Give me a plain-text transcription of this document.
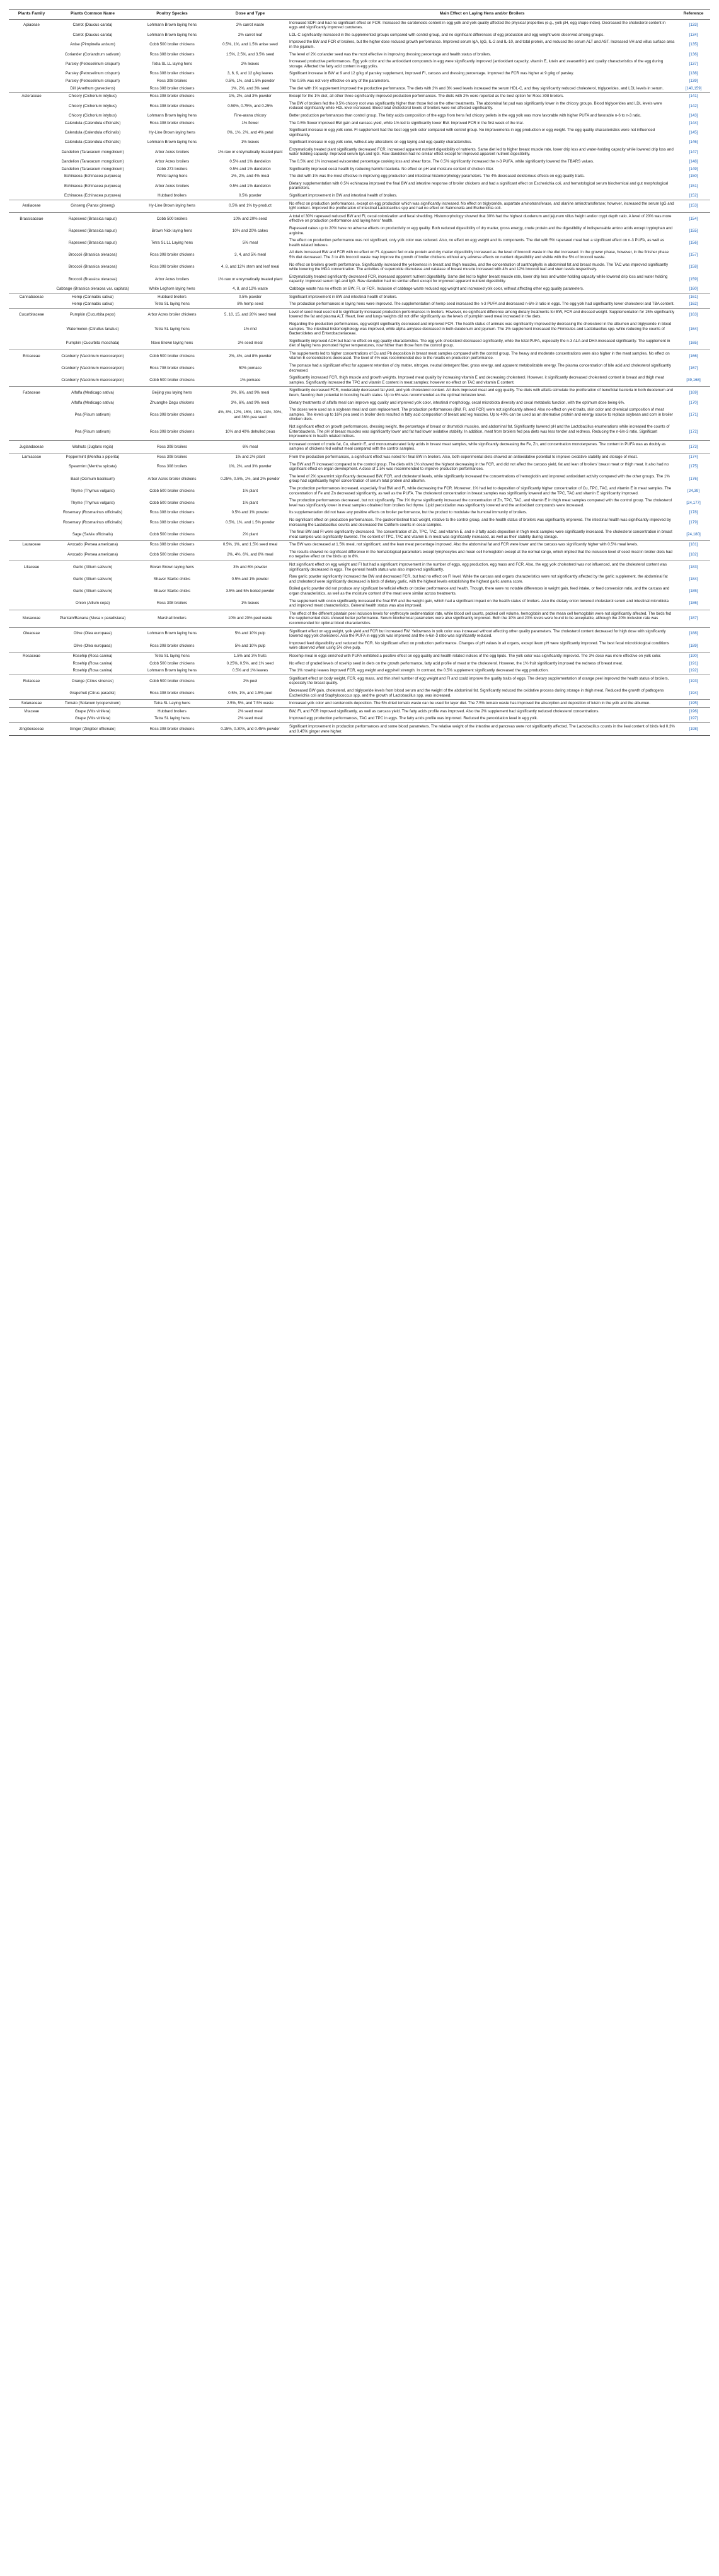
Plants Family	Plants Common Name	Poultry Species	Dose and Type	Main Effect on Laying Hens and/or Broilers	Reference
Apiaceae	Carrot (Daucus carota)	Lohmann Brown laying hens	2% carrot waste	Increased SDFI and had no significant effect on FCR. Increased the carotenoids content in egg yolk and yolk quality affected the physical properties (e.g., yolk pH, egg shape index). Decreased the cholesterol content in eggs and significantly improved carotenes.	[133]
	Carrot (Daucus carota)	Lohmann Brown laying hens	2% carrot leaf	LDL-C significantly increased in the supplemented groups compared with control group, and no significant differences of egg production and egg weight were observed among groups.	[134]
	Anise (Pimpinella anisum)	Cobb 500 broiler chickens	0.5%, 1%, and 1.5% anise seed	Improved the BW and FCR of broilers, but the higher dose reduced growth performance. Improved serum IgA, IgG, IL-2 and IL-10, and total protein, and reduced the serum ALT and AST. Increased VH and villus surface area in the jejunum.	[135]
	Coriander (Coriandrum sativum)	Ross 308 broiler chickens	1.5%, 2.5%, and 3.5% seed	The level of 2% coriander seed was the most effective in improving dressing percentage and health status of broilers.	[136]
	Parsley (Petroselinum crispum)	Tetra SL LL laying hens	2% leaves	Increased productive performances. Egg yolk color and the antioxidant compounds in egg were significantly improved (antioxidant capacity, vitamin E, lutein and zeaxanthin) and quality characteristics of the egg during storage. Affected the fatty acid content in egg yolks.	[137]
	Parsley (Petroselinum crispum)	Ross 308 broiler chickens	3, 6, 9, and 12 g/kg leaves	Significant increase in BW at 9 and 12 g/kg of parsley supplement, improved FI, carcass and dressing percentage. Improved the FCR was higher at 9 g/kg of parsley.	[138]
	Parsley (Petroselinum crispum)	Ross 308 broilers	0.5%, 1%, and 1.5% powder	The 0.5% was not very effective on any of the parameters.	[139]
	Dill (Anethum graveolens)	Ross 308 broiler chickens	1%, 2%, and 3% seed	The diet with 1% supplement improved the productive performance. The diets with 2% and 3% seed levels increased the serum HDL-C, and they significantly reduced cholesterol, triglycerides, and LDL levels in serum.	[140,159]
Asteraceae	Chicory (Cichorium intybus)	Ross 308 broiler chickens	1%, 2%, and 3% powder	Except for the 1% diet, all other three significantly improved production performances. The diets with 2% were reported as the best option for Ross 308 broilers.	[141]
	Chicory (Cichorium intybus)	Ross 308 broiler chickens	0.50%, 0.75%, and 0.25%	The BW of broilers fed the 0.5% chicory root was significantly higher than those fed on the other treatments. The abdominal fat pad was significantly lower in the chicory groups. Blood triglycerides and LDL levels were reduced significantly while HDL level increased. Blood total cholesterol levels of broilers were not affected significantly.	[142]
	Chicory (Cichorium intybus)	Lohmann Brown laying hens	Fine-arana chicory	Better production performances than control group. The fatty acids composition of the eggs from hens fed chicory pellets in the egg yolk was more favorable with higher PUFA and favorable n-6 to n-3 ratio.	[143]
	Calendula (Calendula officinalis)	Ross 308 broiler chickens	1% flower	The 0.5% flower improved BW gain and carcass yield, while 1% led to significantly lower BW. Improved FCR in the first week of the trial.	[144]
	Calendula (Calendula officinalis)	Hy-Line Brown laying hens	0%, 1%, 2%, and 4% petal	Significant increase in egg yolk color. FI supplement had the best egg yolk color compared with control group. No improvements in egg production or egg weight. The egg quality characteristics were not influenced significantly.	[145]
	Calendula (Calendula officinalis)	Lohmann Brown laying hens	1% leaves	Significant increase in egg yolk color, without any alterations on egg laying and egg quality characteristics.	[146]
	Dandelion (Taraxacum mongolicum)	Arbor Acres broilers	1% raw or enzymatically treated plant	Enzymatically treated plant significantly decreased FCR, increased apparent nutrient digestibility of nutrients. Same diet led to higher breast muscle rate, lower drip loss and water-holding capacity while lowered drip loss and water holding capacity. Improved serum IgA and IgG. Raw dandelion had no similar effect except for improved apparent nutrient digestibility.	[147]
	Dandelion (Taraxacum mongolicum)	Arbor Acres broilers	0.5% and 1% dandelion	The 0.5% and 1% increased eviscerated percentage cooking loss and shear force. The 0.5% significantly increased the n-3 PUFA, while significantly lowered the TBARS values.	[148]
	Dandelion (Taraxacum mongolicum)	Cobb 273 broilers	0.5% and 1% dandelion	Significantly improved cecal health by reducing harmful bacteria. No effect on pH and moisture content of chicken litter.	[149]
	Echinacea (Echinacea purpurea)	White laying hens	1%, 2%, and 4% meal	The diet with 1% was the most effective in improving egg production and intestinal histomorphology parameters. The 4% decreased deleterious effects on egg quality traits.	[150]
	Echinacea (Echinacea purpurea)	Arbor Acres broilers	0.5% and 1% dandelion	Dietary supplementation with 0.5% echinacea improved the final BW and intestine response of broiler chickens and had a significant effect on Escherichia coli, and hematological serum biochemical and gut morphological parameters.	[151]
	Echinacea (Echinacea purpurea)	Hubbard broilers	0.5% powder	Significant improvement in BW and intestinal health of broilers.	[152]
Araliaceae	Ginseng (Panax ginseng)	Hy-Line Brown laying hens	0.5% and 1% by-product	No effect on production performances, except on egg production which was significantly increased. No effect on triglyceride, aspartate aminotransferase, and alanine aminotransferase; however, increased the serum IgG and IgM content. Improved the proliferation of intestinal Lactobacillus spp and had no effect on Salmonella and Escherichia coli.	[153]
Brassicaceae	Rapeseed (Brassica napus)	Cobb 500 broilers	10% and 20% seed	A total of 30% rapeseed reduced BW and FI, cecal colonization and fecal shedding. Histomorphology showed that 30% had the highest duodenum and jejunum villus height and/or crypt depth ratio. A level of 20% was more effective on production performance and laying hens' health.	[154]
	Rapeseed (Brassica napus)	Brown Nick laying hens	10% and 20% cakes	Rapeseed cakes up to 20% have no adverse effects on productivity or egg quality. Both reduced digestibility of dry matter, gross energy, crude protein and the digestibility of indispensable amino acids except tryptophan and arginine.	[155]
	Rapeseed (Brassica napus)	Tetra SL LL Laying hens	5% meal	The effect on production performance was not significant, only yolk color was reduced. Also, no effect on egg weight and its components. The diet with 5% rapeseed meal had a significant effect on n-3 PUFA, as well as health related indexes.	[156]
	Broccoli (Brassica oleracea)	Ross 308 broiler chickens	3, 4, and 5% meal	All diets increased BW and FCR with no effect on FI. Apparent fed crude protein and dry matter digestibility increased as the level of broccoli waste in the diet increased. In the grower phase, however, in the finisher phase 5% diet decreased. The 3 to 4% broccoli waste may improve the growth of broiler chickens without any adverse effects on nutrient digestibility and visible with the 5% of broccoli waste.	[157]
	Broccoli (Brassica oleracea)	Ross 308 broiler chickens	4, 8, and 12% stem and leaf meal	No effect on broilers growth performance. Significantly increased the yellowness in breast and thigh muscles, and the concentration of xanthophylls in abdominal fat and breast muscle. The TAC was improved significantly while lowering the MDA concentration. The activities of superoxide dismutase and catalase of breast muscle increased with 4% and 12% broccoli leaf and stem levels respectively.	[158]
	Broccoli (Brassica oleracea)	Arbor Acres broilers	1% raw or enzymatically treated plant	Enzymatically treated significantly decreased FCR, increased apparent nutrient digestibility. Same diet led to higher breast muscle rate, lower drip loss and water-holding capacity while lowered drip loss and water holding capacity. Improved serum IgA and IgG. Raw dandelion had no similar effect except for improved apparent nutrient digestibility.	[159]
	Cabbage (Brassica oleracea var. capitata)	White Leghorn laying hens	4, 8, and 12% waste	Cabbage waste has no effects on BW, FI, or FCR. Inclusion of cabbage waste reduced egg weight and increased yolk color, without affecting other egg quality parameters.	[160]
Cannabaceae	Hemp (Cannabis sativa)	Hubbard broilers	0.5% powder	Significant improvement in BW and intestinal health of broilers.	[161]
	Hemp (Cannabis sativa)	Tetra SL laying hens	8% hemp seed	The production performances in laying hens were improved. The supplementation of hemp seed increased the n-3 PUFA and decreased n-6/n-3 ratio in eggs. The egg yolk had significantly lower cholesterol and TBA content.	[162]
Cucurbitaceae	Pumpkin (Cucurbita pepo)	Arbor Acres broiler chickens	5, 10, 15, and 20% seed meal	Level of seed meal used led to significantly increased production performances in broilers. However, no significant difference among dietary treatments for BW, FCR and dressed weight. Supplementation for 15% significantly lowered the fat and plasma ALT. Heart, liver and lungs weights did not differ significantly as the levels of pumpkin seed meal increased in the diets.	[163]
	Watermelon (Citrullus lanatus)	Tetra SL laying hens	1% rind	Regarding the production performances, egg weight significantly decreased and improved FCR. The health status of animals was significantly improved by decreasing the cholesterol in the albumen and triglyceride in blood samples. The intestinal histomorphology was improved, while alpha-amylase decreased in both duodenum and jejunum. The 1% supplement increased the Firmicutes and Lactobacillus spp. while reducing the counts of Bacteroidetes and Enterobacteriaceae.	[164]
	Pumpkin (Cucurbita moschata)	Novo Brown laying hens	3% seed meal	Significantly improved AOH but had no effect on egg quality characteristics. The egg yolk cholesterol decreased significantly, while the total PUFA, especially the n-3 ALA and DHA increased significantly. The supplement in diet of laying hens promoted higher temperatures, now hither than those from the control group.	[165]
Ericaceae	Cranberry (Vaccinium macrocarpon)	Cobb 500 broiler chickens	2%, 4%, and 8% powder	The supplements led to higher concentrations of Cu and Pb deposition in breast meat samples compared with the control group. The heavy and moderate concentrations were also higher in the meat samples. No effect on vitamin E concentrations decreased. The level of 4% was recommended due to the results on production performance.	[166]
	Cranberry (Vaccinium macrocarpon)	Ross 708 broiler chickens	50% pomace	The pomace had a significant effect for apparent retention of dry matter, nitrogen, neutral detergent fiber, gross energy, and apparent metabolizable energy. The plasma concentration of bile acid and cholesterol significantly decreased.	[167]
	Cranberry (Vaccinium macrocarpon)	Cobb 500 broiler chickens	1% pomace	Significantly increased FCR, thigh muscle and growth weights. Improved meat quality by increasing vitamin E and decreasing cholesterol. However, it significantly decreased cholesterol content in breast and thigh meat samples. Significantly increased the TPC and vitamin E content in meat samples; however no effect on TAC and vitamin E content.	[39,168]
Fabaceae	Alfalfa (Medicago sativa)	Beijing you laying hens	3%, 6%, and 9% meal	Significantly decreased FCR, moderately decreased fat yield, and yolk cholesterol content. All diets improved meat and egg quality. The diets with alfalfa stimulate the proliferation of beneficial bacteria in both duodenum and ileum, favoring their potential in boosting health status. Up to 6% was recommended as the optimal inclusion level.	[169]
	Alfalfa (Medicago sativa)	Zhuanghe Dagu chickens	3%, 6%, and 9% meal	Dietary treatments of alfalfa meal can improve egg quality and improved yolk color, intestinal morphology, cecal microbiota diversity and cecal metabolic function, with the optimum dose being 6%.	[170]
	Pea (Pisum sativum)	Ross 308 broiler chickens	4%, 8%, 12%, 16%, 18%, 24%, 30%, and 36% pea seed	The doses were used as a soybean meal and corn replacement. The production performances (BW, FI, and FCR) were not significantly altered. Also no effect on yield traits, skin color and chemical composition of meat samples. The levels up to 16% pea seed in broiler diets resulted in fatty acid composition of breast and leg muscles. Up to 40% can be used as an alternative protein and energy source to replace soybean and corn in broiler chicken diets.	[171]
	Pea (Pisum sativum)	Ross 308 broiler chickens	10% and 40% dehulled peas	Not significant effect on growth performances, dressing weight, the percentage of breast or drumstick muscles, and abdominal fat. Significantly lowered pH and the Lactobacillus enumerations while increased the counts of Enterobacteria. The pH of breast muscles was significantly lower and fat had lower oxidative stability. In addition, meat from broilers fed pea diets was less tender and redness. Reducing the n-6/n-3 ratio. Significant improvement in health related indices.	[172]
Juglandaceae	Walnuts (Juglans regia)	Ross 308 broilers	6% meal	Increased content of crude fat, Cu, vitamin E, and monounsaturated fatty acids in breast meat samples, while significantly decreasing the Fe, Zn, and concentration monoterpenes. The content in PUFA was as doubly as samples of chickens fed walnut meal compared with the control samples.	[173]
Lamiaceae	Peppermint (Mentha x piperita)	Ross 308 broilers	1% and 2% plant	From the production performances, a significant effect was noted for final BW in broilers. Also, both experimental diets showed an antioxidative potential to improve oxidative stability and storage of meat.	[174]
	Spearmint (Mentha spicata)	Ross 308 broilers	1%, 2%, and 3% powder	The BW and FI increased compared to the control group. The diets with 1% showed the highest decreasing in the FCR, and did not affect the carcass yield, fat and lean of broilers' breast meat or thigh meat. It also had no significant effect on organ development. A dose of 1.5% was recommended to improve production performances.	[175]
	Basil (Ocimum basilicum)	Arbor Acres broiler chickens	0.25%, 0.5%, 1%, and 2% powder	The level of 2% spearmint significantly decreased BW, FCR, and cholesterol levels, while significantly increased the concentrations of hemoglobin and improved antioxidant activity compared with the other groups. The 1% group had significantly higher concentration of serum total protein and albumin.	[176]
	Thyme (Thymus vulgaris)	Cobb 500 broiler chickens	1% plant	The production performances increased, especially final BW and FI, while decreasing the FCR. Moreover, 1% had led to deposition of significantly higher concentration of Cu, TPC, TAC, and vitamin E in meat samples. The concentration of Fe and Zn decreased significantly, as well as the PUFA. The cholesterol concentration in breast samples was significantly lowered and the TPC, TAC and vitamin E significantly improved.	[24,39]
	Thyme (Thymus vulgaris)	Cobb 500 broiler chickens	1% plant	The production performances decreased, but not significantly. The 1% thyme significantly increased the concentration of Zn, TPC, TAC, and vitamin E in thigh meat samples compared with the control group. The cholesterol level was significantly lower in meat samples obtained from broilers fed thyme. Lipid peroxidation was significantly lowered and the antioxidant compounds were increased.	[24,177]
	Rosemary (Rosmarinus officinalis)	Ross 308 broiler chickens	0.5% and 1% powder	Its supplementation did not have any positive effects on broiler performance, but the product to modulate the humoral immunity of broilers.	[178]
	Rosemary (Rosmarinus officinalis)	Ross 308 broiler chickens	0.5%, 1%, and 1.5% powder	No significant effect on production performances. The gastrointestinal tract weight, relative to the control group, and the health status of broilers was significantly improved. The intestinal health was significantly improved by increasing the Lactobacillus counts and decreased the Coliform counts in cecal samples.	[179]
	Sage (Salvia officinalis)	Cobb 500 broiler chickens	2% plant	The final BW and FI were significantly decreased. The concentration of Zn, TPC, TAC, and vitamin E, and n-3 fatty acids deposition in thigh meat samples were significantly increased. The cholesterol concentration in breast meat samples was significantly lowered. The content of TPC, TAC and vitamin E in meat was significantly increased, as well as their stability during storage.	[24,180]
Lauraceae	Avocado (Persea americana)	Ross 308 broiler chickens	0.5%, 1%, and 1.5% seed meal	The BW was decreased at 1.5% meal, not significant, and the lean meat percentage improved. Also the abdominal fat and FCR were lower and the carcass was significantly higher with 0.5% meal levels.	[181]
	Avocado (Persea americana)	Cobb 500 broiler chickens	2%, 4%, 6%, and 8% meal	The results showed no significant difference in the hematological parameters except lymphocytes and mean cell hemoglobin except at the normal range, which implied that the inclusion level of seed meal in broiler diets had no negative effect on the birds up to 8%.	[182]
Liliaceae	Garlic (Allium sativum)	Bovan Brown laying hens	3% and 6% powder	Not significant effect on egg weight and FI but had a significant improvement in the number of eggs, egg production, egg mass and FCR. Also, the egg yolk cholesterol was not influenced, and the cholesterol content was significantly decreased in eggs. The general health status was also improved significantly.	[183]
	Garlic (Allium sativum)	Shaver Starbo chicks	0.5% and 1% powder	Raw garlic powder significantly increased the BW and decreased FCR, but had no effect on FI level. While the carcass and organs characteristics were not significantly affected by the garlic supplement, the abdominal fat and cholesterol were significantly decreased in birds of dietary garlic, with the highest levels establishing the highest garlic aroma score.	[184]
	Garlic (Allium sativum)	Shaver Starbo chicks	3.5% and 5% boiled powder	Boiled garlic powder did not produce any significant beneficial effects on broiler performance and health. Though, there were no notable differences in weight gain, feed intake, or feed conversion ratio, and the carcass and organ characteristics, as well as the moisture content of the meat were similar across treatments.	[185]
	Onion (Allium cepa)	Ross 308 broilers	1% leaves	The supplement with onion significantly increased the final BW and the weight gain, which had a significant impact on the health status of broilers. Also the dietary onion lowered cholesterol serum and intestinal microbiota and improved meat characteristics. General health status was also improved.	[186]
Musaceae	Plantain/Banana (Musa x paradisiaca)	Marshall broilers	10% and 20% peel waste	The effect of the different plantain peel inclusion levels for erythrocyte sedimentation rate, while blood cell counts, packed cell volume, hemoglobin and the mean cell hemoglobin were not significantly affected. The birds fed the supplemented diets showed better performance. Serum biochemical parameters were also significantly improved. Both the 10% and 20% levels were found to be acceptable, although the 20% inclusion rate was recommended for optimal blood characteristics.	[187]
Oleaceae	Olive (Olea europaea)	Lohmann Brown laying hens	5% and 10% pulp	Significant effect on egg weight, yolk yield and FCR but increased FW. Yellowness in yolk color was increased without affecting other quality parameters. The cholesterol content decreased for high dose with significantly lowered egg yolk cholesterol. Also the PUFA in egg yolk was improved and the n-6/n-3 ratio was significantly reduced.	[188]
	Olive (Olea europaea)	Ross 308 broiler chickens	5% and 10% pulp	Improved feed digestibility and reduced the FCR. No significant effect on production performance. Changes of pH values in all organs, except ileum pH were significantly improved. The best fecal microbiological conditions were observed when using 5% olive pulp.	[189]
Rosaceae	Rosehip (Rosa canina)	Tetra SL laying hens	1.5% and 3% fruits	Rosehip meal in eggs enriched with PUFA exhibited a positive effect on egg quality and health-related indices of the egg lipids. The yolk color was significantly improved. The 3% dose was more effective on yolk color.	[190]
	Rosehip (Rosa canina)	Cobb 500 broiler chickens	0.25%, 0.5%, and 1% seed	No effect of graded levels of rosehip seed in diets on the growth performance, fatty acid profile of meat or the cholesterol. However, the 1% fruit significantly improved the redness of breast meat.	[191]
	Rosehip (Rosa canina)	Lohmann Brown laying hens	0.5% and 1% leaves	The 1% rosehip leaves improved FCR, egg weight and eggshell strength. In contrast, the 0.5% supplement significantly decreased the egg production.	[192]
Rutaceae	Orange (Citrus sinensis)	Cobb 500 broiler chickens	2% peel	Significant effect on body weight, FCR, egg mass, and thin shell number of egg weight and FI and could improve the quality traits of eggs. The dietary supplementation of orange peel improved the health status of broilers, especially the breast quality.	[193]
	Grapefruit (Citrus paradisi)	Ross 308 broiler chickens	0.5%, 1%, and 1.5% peel	Decreased BW gain, cholesterol, and triglyceride levels from blood serum and the weight of the abdominal fat. Significantly reduced the oxidative process during storage in thigh meat. Reduced the growth of pathogens Escherichia coli and Staphylococcus spp, and the growth of Lactobacillus spp. was increased.	[194]
Solanaceae	Tomato (Solanum lycopersicum)	Tetra SL Laying hens	2.5%, 5%, and 7.5% waste	Increased yolk color and carotenoids deposition. The 5% dried tomato waste can be used for layer diet. The 7.5% tomato waste has improved the absorption and deposition of lutein in the yolk and the albumen.	[195]
Vitaceae	Grape (Vitis vinifera)	Hubbard broilers	2% seed meal	BW, FI, and FCR improved significantly, as well as carcass yield. The fatty acids profile was improved. Also the 2% supplement had significantly reduced cholesterol concentrations.	[196]
	Grape (Vitis vinifera)	Tetra SL laying hens	2% seed meal	Improved egg production performances, TAC and TPC in eggs. The fatty acids profile was improved. Reduced the peroxidation level in egg yolk.	[197]
Zingiberaceae	Ginger (Zingiber officinale)	Ross 308 broiler chickens	0.15%, 0.30%, and 0.45% powder	Significant improvement in production performances and some blood parameters. The relative weight of the intestine and pancreas were not significantly affected. The Lactobacillus counts in the ileal content of birds fed 0.3% and 0.45% ginger were higher.	[198]
